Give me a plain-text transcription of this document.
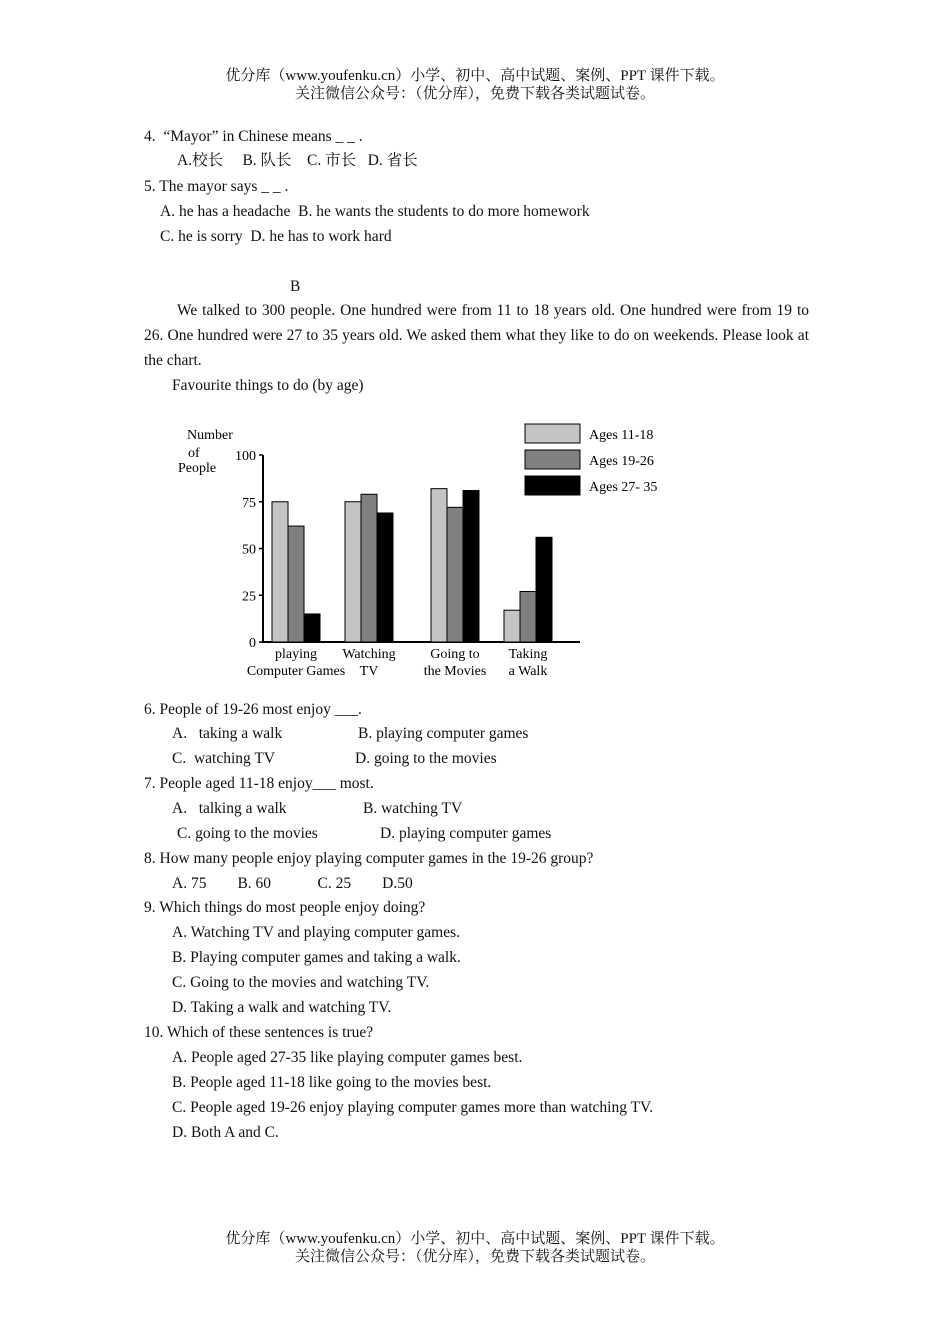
优分库（www.youfenku.cn）小学、初中、高中试题、案例、PPT 课件下载。
关注微信公众号：（优分库），免费下载各类试题试卷。
4.  “Mayor” in Chinese means _ _ .
A.校长     B. 队长    C. 市长   D. 省长
5. The mayor says _ _ .
A. he has a headache  B. he wants the students to do more homework
C. he is sorry  D. he has to work hard
B
We talked to 300 people. One hundred were from 11 to 18 years old. One hundred were from 19 to 26. One hundred were 27 to 35 years old. We asked them what they like to do on weekends. Please look at the chart.
Favourite things to do (by age)
Number
of
People
0
25
50
75
100
playing
Computer Games
Watching
TV
Going to
the Movies
Taking
a Walk
Ages 11-18
Ages 19-26
Ages 27- 35
6. People of 19-26 most enjoy ___.
A.   taking a walk	B. playing computer games
C.  watching TV	D. going to the movies
7. People aged 11-18 enjoy___ most.
A.   talking a walk	B. watching TV
C. going to the movies	D. playing computer games
8. How many people enjoy playing computer games in the 19-26 group?
A. 75        B. 60            C. 25        D.50
9. Which things do most people enjoy doing?
A. Watching TV and playing computer games.
B. Playing computer games and taking a walk.
C. Going to the movies and watching TV.
D. Taking a walk and watching TV.
10. Which of these sentences is true?
A. People aged 27-35 like playing computer games best.
B. People aged 11-18 like going to the movies best.
C. People aged 19-26 enjoy playing computer games more than watching TV.
D. Both A and C.
优分库（www.youfenku.cn）小学、初中、高中试题、案例、PPT 课件下载。
关注微信公众号：（优分库），免费下载各类试题试卷。
